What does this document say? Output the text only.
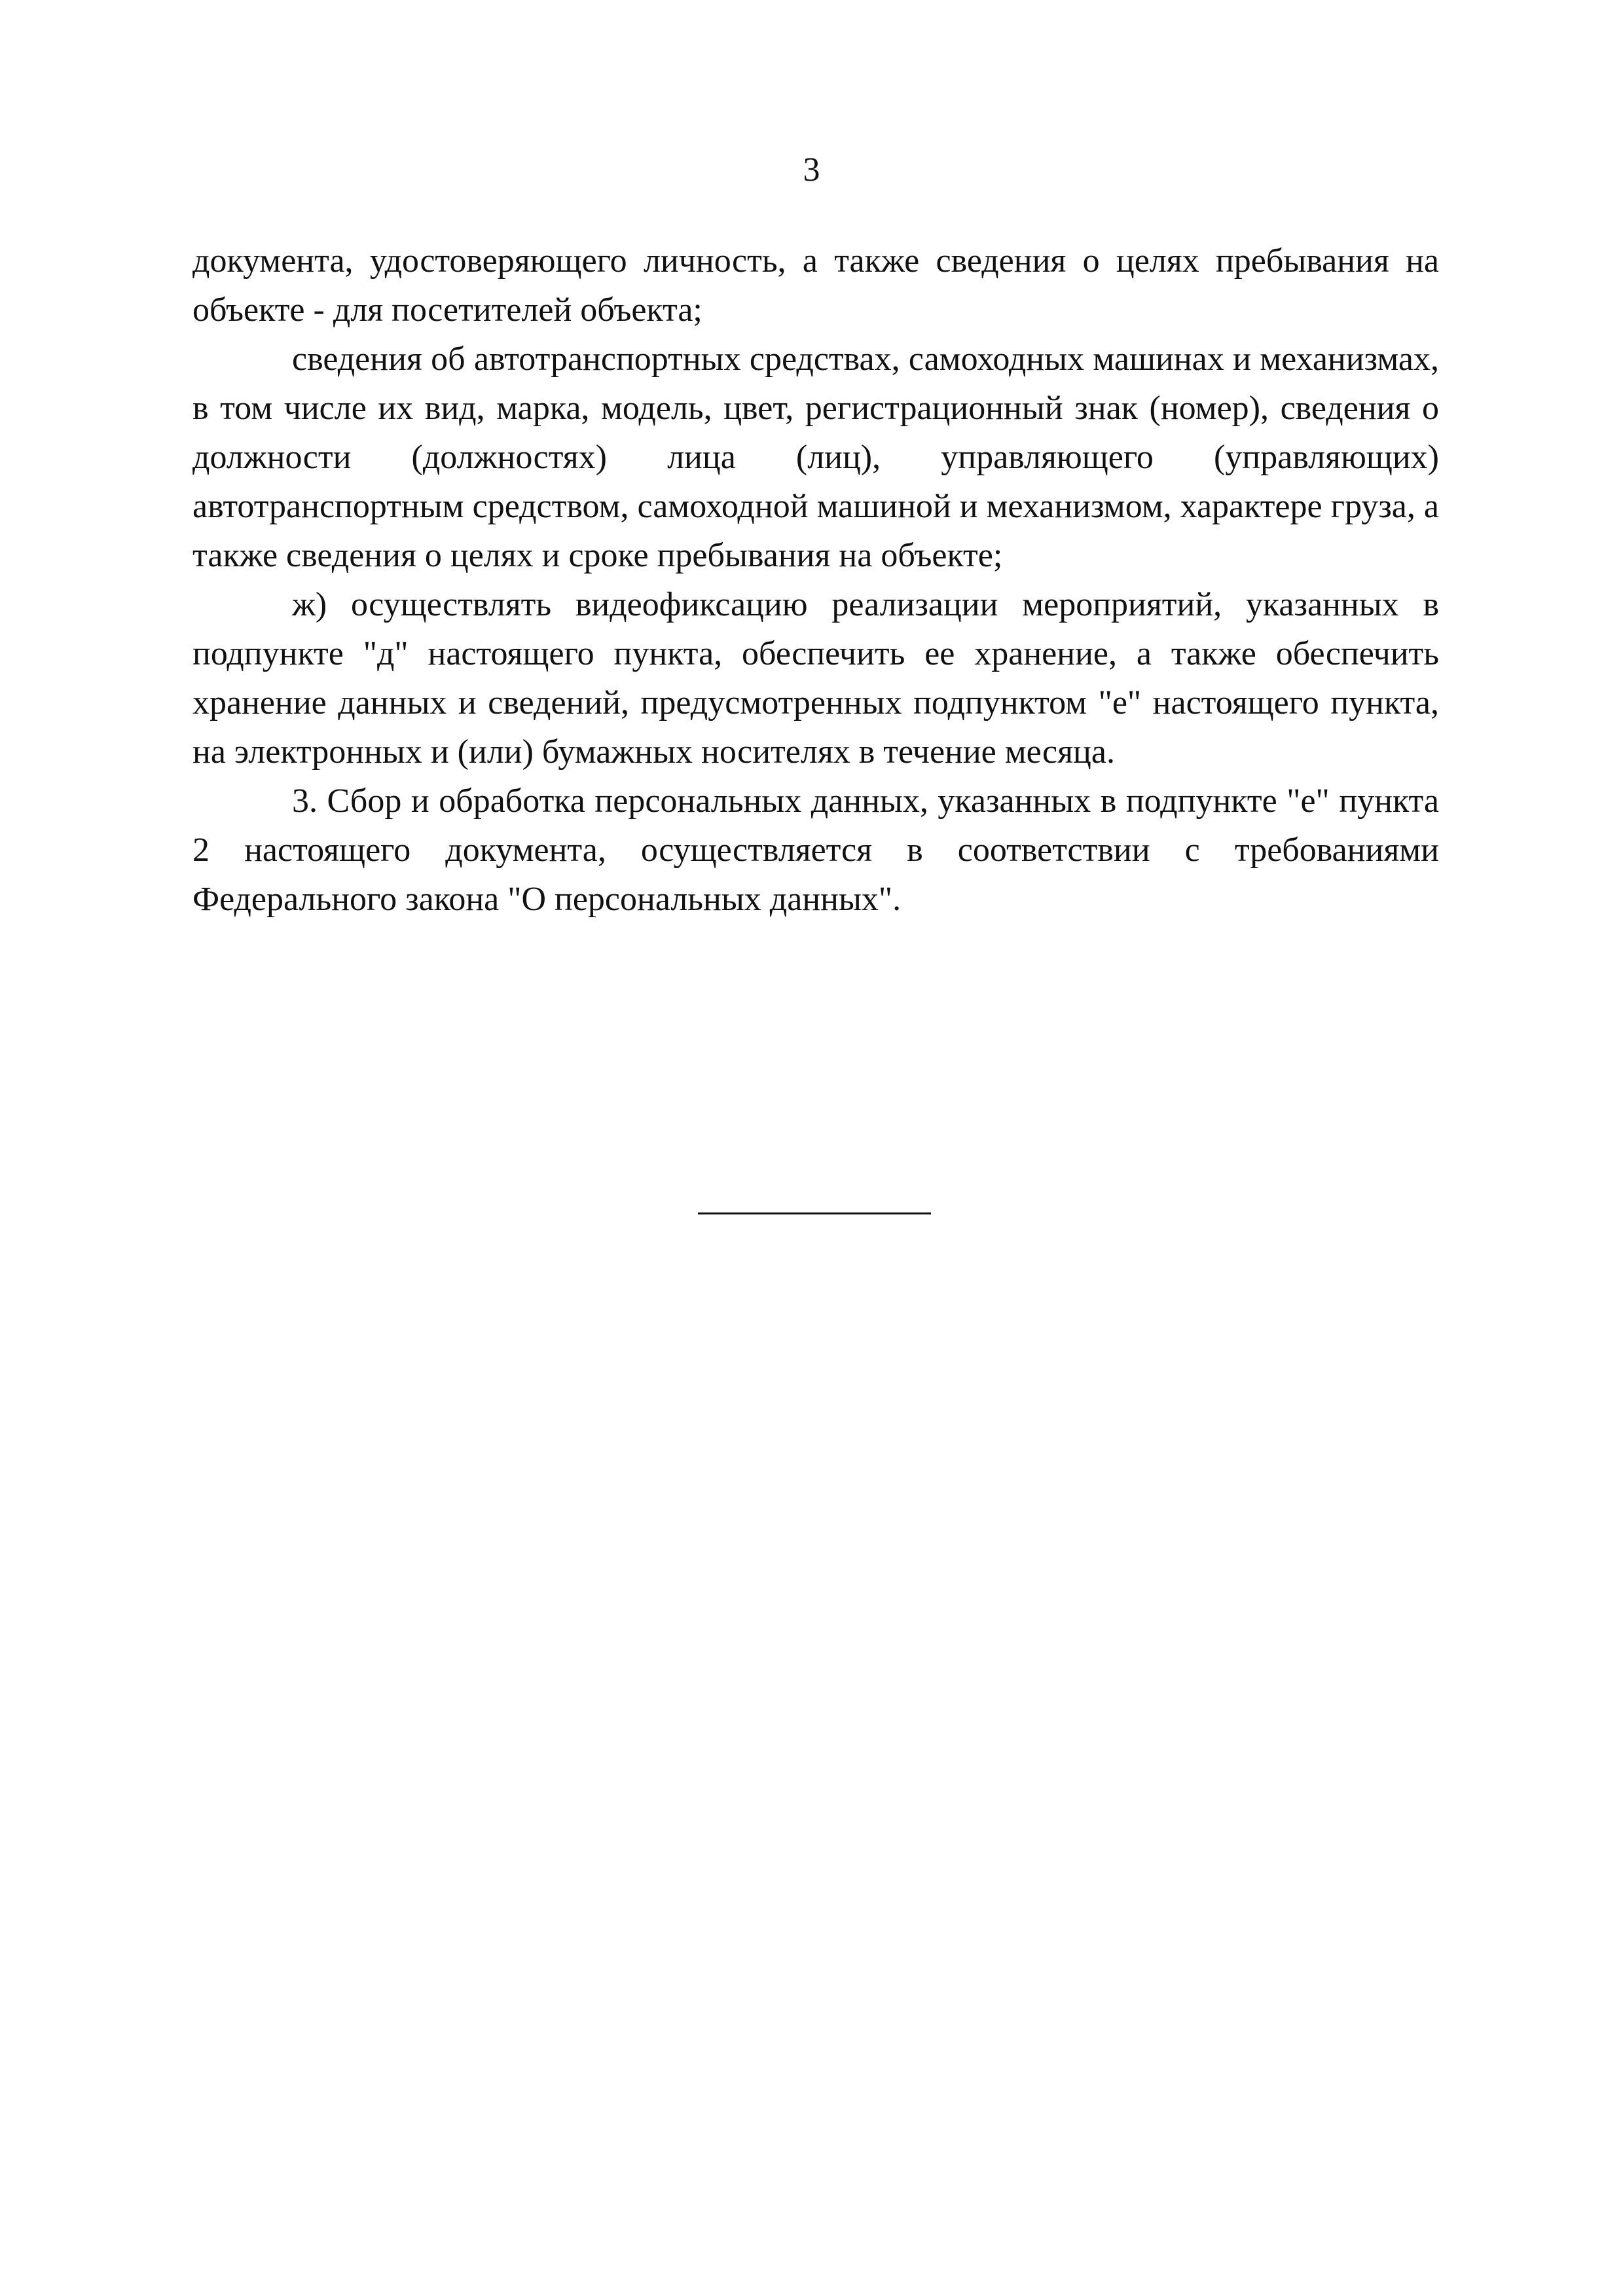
3

документа, удостоверяющего личность, а также сведения о целях пребывания на объекте - для посетителей объекта;

сведения об автотранспортных средствах, самоходных машинах и механизмах, в том числе их вид, марка, модель, цвет, регистрационный знак (номер), сведения о должности (должностях) лица (лиц), управляющего (управляющих) автотранспортным средством, самоходной машиной и механизмом, характере груза, а также сведения о целях и сроке пребывания на объекте;

ж) осуществлять видеофиксацию реализации мероприятий, указанных в подпункте "д" настоящего пункта, обеспечить ее хранение, а также обеспечить хранение данных и сведений, предусмотренных подпунктом "е" настоящего пункта, на электронных и (или) бумажных носителях в течение месяца.

3. Сбор и обработка персональных данных, указанных в подпункте "е" пункта 2 настоящего документа, осуществляется в соответствии с требованиями Федерального закона "О персональных данных".
